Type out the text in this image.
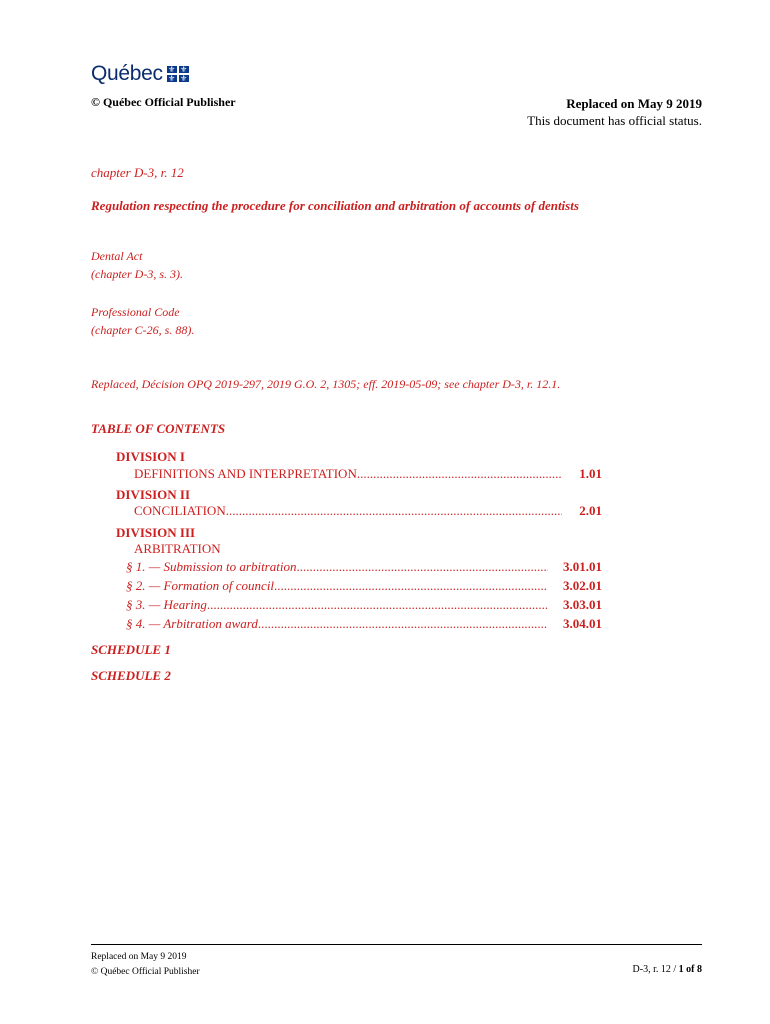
Québec ⚜ ⚜
⚜ ⚜
© Québec Official Publisher	Replaced on May 9 2019
This document has official status.
chapter D-3, r. 12
Regulation respecting the procedure for conciliation and arbitration of accounts of dentists
Dental Act
(chapter D-3, s. 3).
Professional Code
(chapter C-26, s. 88).
Replaced, Décision OPQ 2019-297, 2019 G.O. 2, 1305; eff. 2019-05-09; see chapter D-3, r. 12.1.
TABLE OF CONTENTS
DIVISION I
DEFINITIONS AND INTERPRETATION .....	1.01
DIVISION II
CONCILIATION .....	2.01
DIVISION III
ARBITRATION
§ 1. — Submission to arbitration .....	3.01.01
§ 2. — Formation of council .....	3.02.01
§ 3. — Hearing .....	3.03.01
§ 4. — Arbitration award .....	3.04.01
SCHEDULE 1
SCHEDULE 2
Replaced on May 9 2019
© Québec Official Publisher	D-3, r. 12 / 1 of 8
